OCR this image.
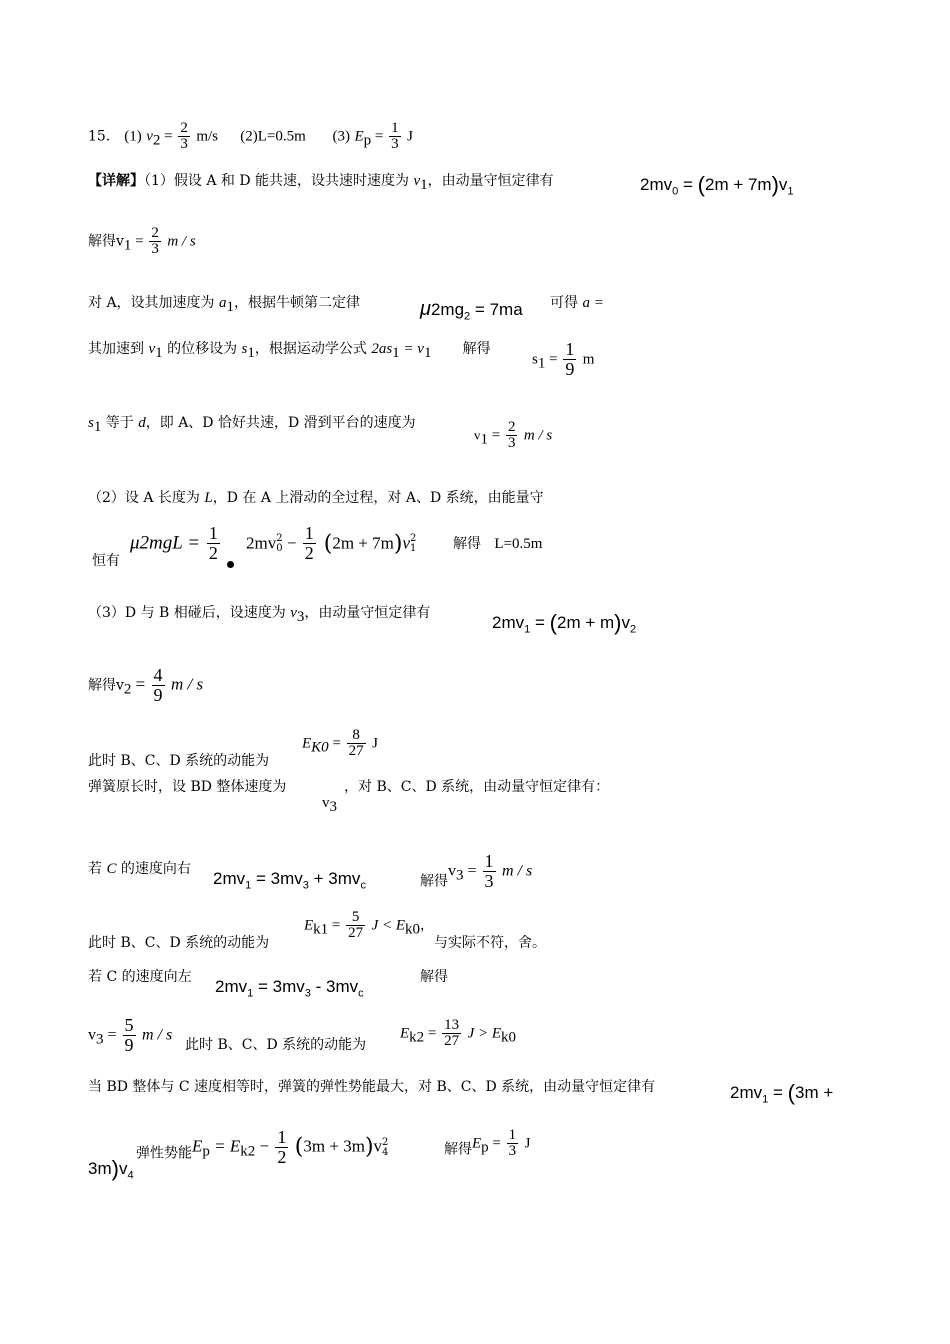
15． (1) $v_2 = \frac{2}{3} m/s$ (2)L=0.5m (3) $E_p = \frac{1}{3}$ J
【详解】（1）假设 A 和 D 能共速，设共速时速度为 $v_1$，由动量守恒定律有	$2mv_0 = (2m + 7m)v_1$
解得$v_1 = \frac{2}{3}$ m / s
对 A，设其加速度为 $a_1$，根据牛顿第二定律	$\mu 2mg_2 = 7ma$ 可得 a =
其加速到 $v_1$ 的位移设为 $s_1$，根据运动学公式 $2as_1 = v_1$ 解得
$s_1 = \frac{1}{9}$ m
$s_1$ 等于 d，即 A、D 恰好共速，D 滑到平台的速度为
$v_1 = \frac{2}{3}$ m / s
（2）设 A 长度为 L，D 在 A 上滑动的全过程，对 A、D 系统，由能量守
$\mu 2mgL = \frac{1}{2} 2mv$ 2
$0 - \frac{1}{2} (2m + 7m)v$ 2
1
恒有
解得 L=0.5m
（3）D 与 B 相碰后，设速度为 $v_3$，由动量守恒定律有	$2mv_1 = (2m + m)v_2$
解得$v_2 = \frac{4}{9}$ m / s
$E_{K0} = \frac{8}{27}$ J
此时 B、C、D 系统的动能为
弹簧原长时，设 BD 整体速度为
$v_3$
，对 B、C、D 系统，由动量守恒定律有：
若 C 的速度向右 $2mv_1 = 3mv_3 + 3mv_c$	解得$v_3 = \frac{1}{3}$ m / s
$E_{k1} = \frac{5}{27}$ $J < E_{k0}$，
此时 B、C、D 系统的动能为	与实际不符，舍。
若 C 的速度向左 $2mv_1 = 3mv_3 - 3mv_c$
解得
$v_3 = \frac{5}{9}$ m / s
此时 B、C、D 系统的动能为
$E_{k2} = \frac{13}{27}$ $J > E_{k0}$
当 BD 整体与 C 速度相等时，弹簧的弹性势能最大，对 B、C、D 系统，由动量守恒定律有	$2mv_1 = (3m$ +
$3m)v_4$
弹性势能$E_p = E_{k2} - \frac{1}{2} (3m + 3m)v$ 2
4	解得$E_p = \frac{1}{3}$ J
